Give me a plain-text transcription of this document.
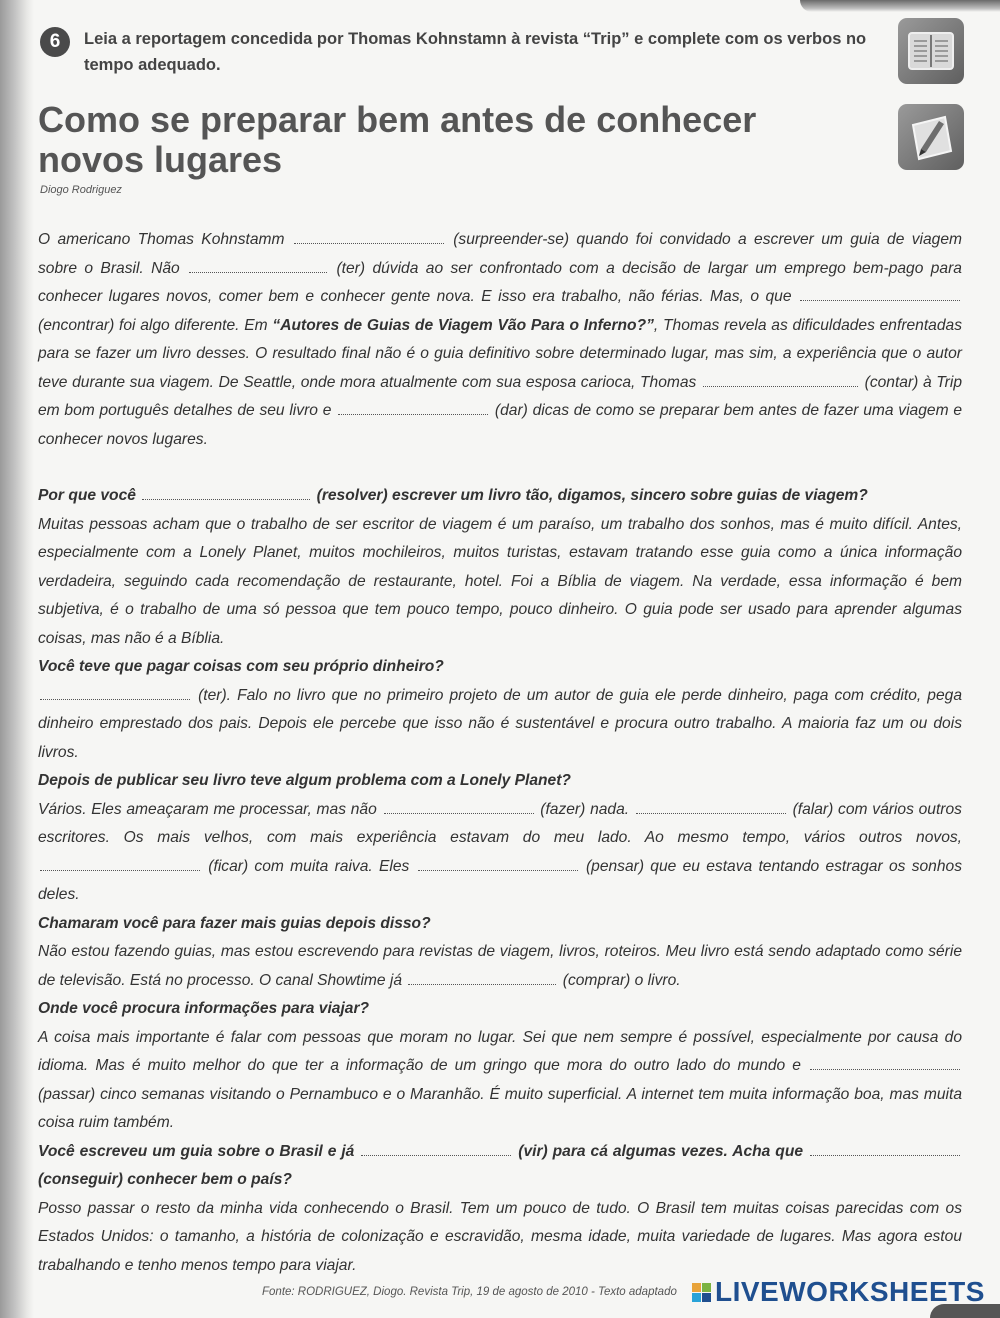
6	Leia a reportagem concedida por Thomas Kohnstamn à revista “Trip” e complete com os verbos no tempo adequado.
Como se preparar bem antes de conhecer novos lugares
Diogo Rodriguez

O americano Thomas Kohnstamm	(surpreender-se) quando foi convidado a escrever um guia de viagem sobre o Brasil. Não	(ter) dúvida ao ser confrontado com a decisão de largar um emprego bem-pago para conhecer lugares novos, comer bem e conhecer gente nova. E isso era trabalho, não férias. Mas, o que  (encontrar) foi algo diferente. Em “Autores de Guias de Viagem Vão Para o Inferno?”, Thomas revela as dificuldades enfrentadas para se fazer um livro desses. O resultado final não é o guia definitivo sobre determinado lugar, mas sim, a experiência que o autor teve durante sua viagem. De Seattle, onde mora atualmente com sua esposa carioca, Thomas	(contar) à Trip em bom português detalhes de seu livro e	(dar) dicas de como se preparar bem antes de fazer uma viagem e conhecer novos lugares.

Por que você	(resolver) escrever um livro tão, digamos, sincero sobre guias de viagem?

Muitas pessoas acham que o trabalho de ser escritor de viagem é um paraíso, um trabalho dos sonhos, mas é muito difícil. Antes, especialmente com a Lonely Planet, muitos mochileiros, muitos turistas, estavam tratando esse guia como a única informação verdadeira, seguindo cada recomendação de restaurante, hotel. Foi a Bíblia de viagem. Na verdade, essa informação é bem subjetiva, é o trabalho de uma só pessoa que tem pouco tempo, pouco dinheiro. O guia pode ser usado para aprender algumas coisas, mas não é a Bíblia.

Você teve que pagar coisas com seu próprio dinheiro?

(ter). Falo no livro que no primeiro projeto de um autor de guia ele perde dinheiro, paga com crédito, pega dinheiro emprestado dos pais. Depois ele percebe que isso não é sustentável e procura outro trabalho. A maioria faz um ou dois livros.

Depois de publicar seu livro teve algum problema com a Lonely Planet?

Vários. Eles ameaçaram me processar, mas não	(fazer) nada.	(falar) com vários outros escritores. Os mais velhos, com mais experiência estavam do meu lado. Ao mesmo tempo, vários outros novos,  (ficar) com muita raiva. Eles	(pensar) que eu estava tentando estragar os sonhos deles.

Chamaram você para fazer mais guias depois disso?

Não estou fazendo guias, mas estou escrevendo para revistas de viagem, livros, roteiros. Meu livro está sendo adaptado como série de televisão. Está no processo. O canal Showtime já	(comprar) o livro.

Onde você procura informações para viajar?

A coisa mais importante é falar com pessoas que moram no lugar. Sei que nem sempre é possível, especialmente por causa do idioma. Mas é muito melhor do que ter a informação de um gringo que mora do outro lado do mundo e  (passar) cinco semanas visitando o Pernambuco e o Maranhão. É muito superficial. A internet tem muita informação boa, mas muita coisa ruim também.

Você escreveu um guia sobre o Brasil e já	(vir) para cá algumas vezes. Acha que  (conseguir) conhecer bem o país?

Posso passar o resto da minha vida conhecendo o Brasil. Tem um pouco de tudo. O Brasil tem muitas coisas parecidas com os Estados Unidos: o tamanho, a história de colonização e escravidão, mesma idade, muita variedade de lugares. Mas agora estou trabalhando e tenho menos tempo para viajar.

Fonte: RODRIGUEZ, Diogo. Revista Trip, 19 de agosto de 2010 - Texto adaptado LIVEWORKSHEETS
